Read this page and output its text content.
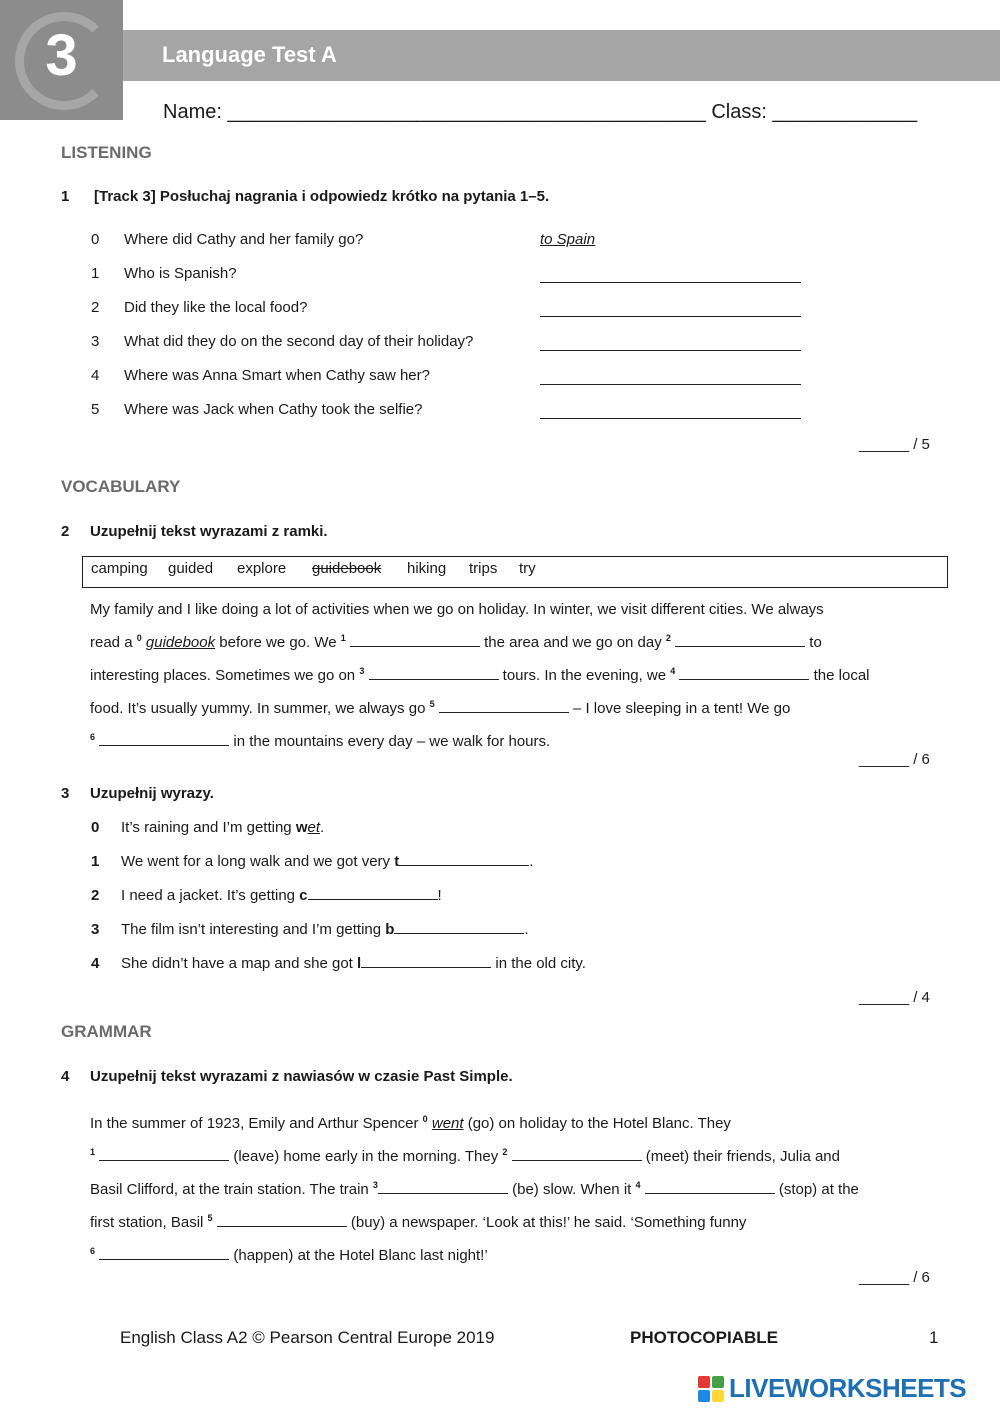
3	Language Test A
Name: ___________________________________________ Class: _____________
LISTENING
1 [Track 3] Posłuchaj nagrania i odpowiedz krótko na pytania 1–5.
0 Where did Cathy and her family go?	to Spain
1 Who is Spanish?
2 Did they like the local food?
3 What did they do on the second day of their holiday?
4 Where was Anna Smart when Cathy saw her?
5 Where was Jack when Cathy took the selfie?
______ / 5
VOCABULARY
2 Uzupełnij tekst wyrazami z ramki.
camping guided explore guidebook hiking trips try
My family and I like doing a lot of activities when we go on holiday. In winter, we visit different cities. We always
read a $^0$ guidebook before we go. We $^1$	the area and we go on day $^2$	to
interesting places. Sometimes we go on $^3$	tours. In the evening, we $^4$	the local
food. It’s usually yummy. In summer, we always go $^5$	– I love sleeping in a tent! We go
$^6$	in the mountains every day – we walk for hours.
______ / 6
3 Uzupełnij wyrazy.
0 It’s raining and I’m getting wet.
1 We went for a long walk and we got very t	.
2 I need a jacket. It’s getting c	!
3 The film isn’t interesting and I’m getting b	.
4 She didn’t have a map and she got l	in the old city.
______ / 4
GRAMMAR
4 Uzupełnij tekst wyrazami z nawiasów w czasie Past Simple.
In the summer of 1923, Emily and Arthur Spencer $^0$ went (go) on holiday to the Hotel Blanc. They
$^1$	(leave) home early in the morning. They $^2$	(meet) their friends, Julia and
Basil Clifford, at the train station. The train $^3$	(be) slow. When it $^4$	(stop) at the
first station, Basil $^5$	(buy) a newspaper. ‘Look at this!’ he said. ‘Something funny
$^6$	(happen) at the Hotel Blanc last night!’
______ / 6
English Class A2 © Pearson Central Europe 2019	PHOTOCOPIABLE	1
LIVEWORKSHEETS
